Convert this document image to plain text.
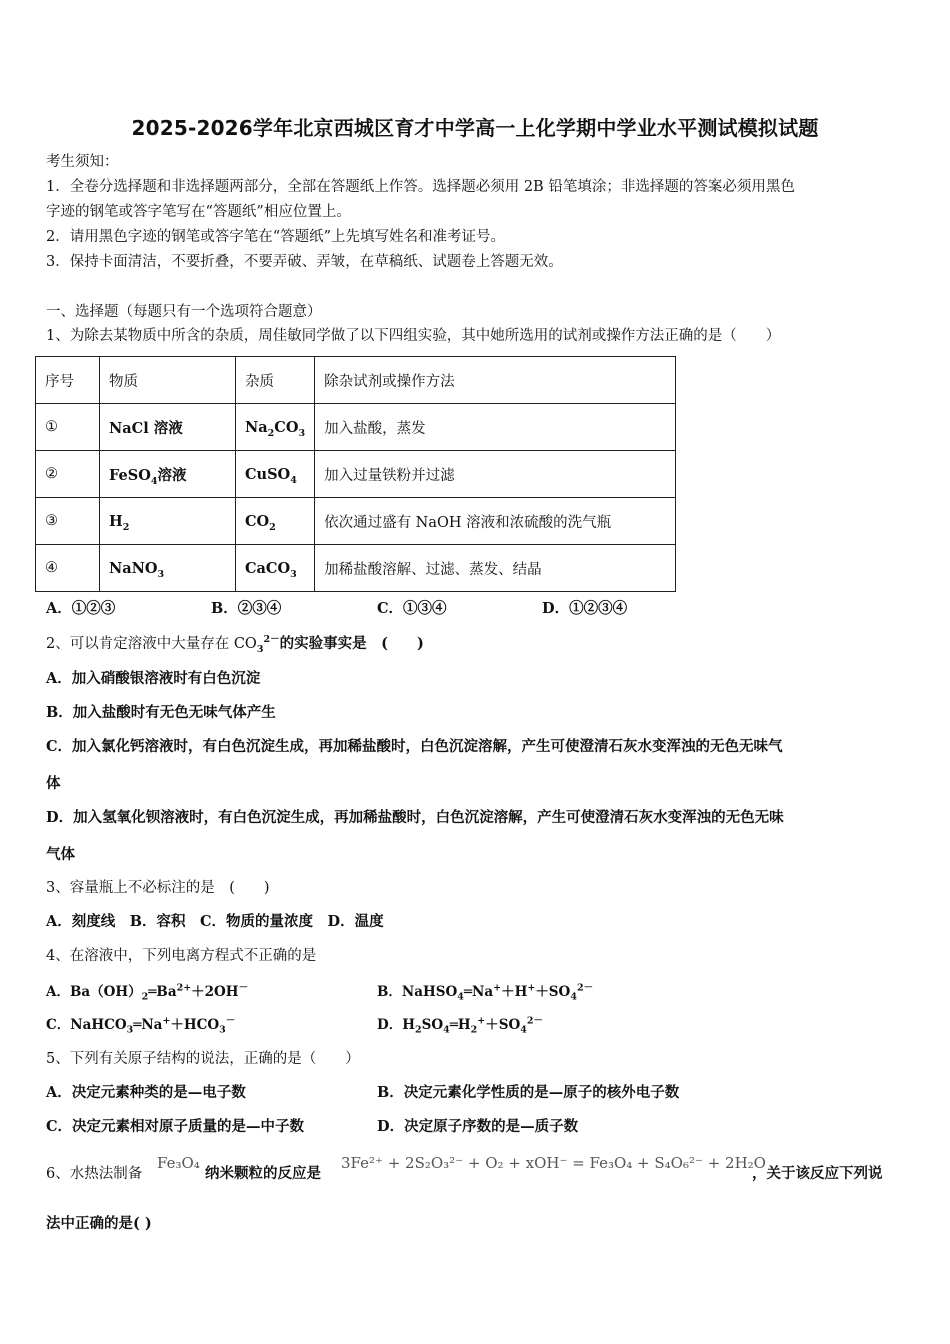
2025-2026学年北京西城区育才中学高一上化学期中学业水平测试模拟试题
考生须知：
1．全卷分选择题和非选择题两部分，全部在答题纸上作答。选择题必须用 2B 铅笔填涂；非选择题的答案必须用黑色
字迹的钢笔或答字笔写在“答题纸”相应位置上。
2．请用黑色字迹的钢笔或答字笔在“答题纸”上先填写姓名和准考证号。
3．保持卡面清洁，不要折叠，不要弄破、弄皱，在草稿纸、试题卷上答题无效。
一、选择题（每题只有一个选项符合题意）
1、为除去某物质中所含的杂质，周佳敏同学做了以下四组实验，其中她所选用的试剂或操作方法正确的是（　　）
序号	物质	杂质	除杂试剂或操作方法
①	NaCl 溶液	$Na_2CO_3$	加入盐酸，蒸发
②	FeSO$_4$溶液	CuSO$_4$	加入过量铁粉并过滤
③	$H_2$	$CO_2$	依次通过盛有 NaOH 溶液和浓硫酸的洗气瓶
④	NaNO$_3$	CaCO$_3$	加稀盐酸溶解、过滤、蒸发、结晶
A．①②③	B．②③④	C．①③④	D．①②③④
2、可以肯定溶液中大量存在 $CO_3^{2-}$的实验事实是　(　　)
A．加入硝酸银溶液时有白色沉淀
B．加入盐酸时有无色无味气体产生
C．加入氯化钙溶液时，有白色沉淀生成，再加稀盐酸时，白色沉淀溶解，产生可使澄清石灰水变浑浊的无色无味气
体
D．加入氢氧化钡溶液时，有白色沉淀生成，再加稀盐酸时，白色沉淀溶解，产生可使澄清石灰水变浑浊的无色无味
气体
3、容量瓶上不必标注的是　(　　)
A．刻度线　B．容积　C．物质的量浓度　D．温度
4、在溶液中，下列电离方程式不正确的是
A．$Ba(OH)_2═Ba^{2+}+2OH^-$	B．$NaHSO_4═Na^++H^++SO_4^{2-}$
C．$NaHCO_3═Na^++HCO_3^-$	D．$H_2SO_4═H_2^++SO_4^{2-}$
5、下列有关原子结构的说法，正确的是（　　）
A．决定元素种类的是—电子数	B．决定元素化学性质的是—原子的核外电子数
C．决定元素相对原子质量的是—中子数	D．决定原子序数的是—质子数
6、水热法制备
Fe₃O₄
纳米颗粒的反应是
3Fe²⁺ + 2S₂O₃²⁻ + O₂ + xOH⁻ = Fe₃O₄ + S₄O₆²⁻ + 2H₂O
，关于该反应下列说
法中正确的是( )
